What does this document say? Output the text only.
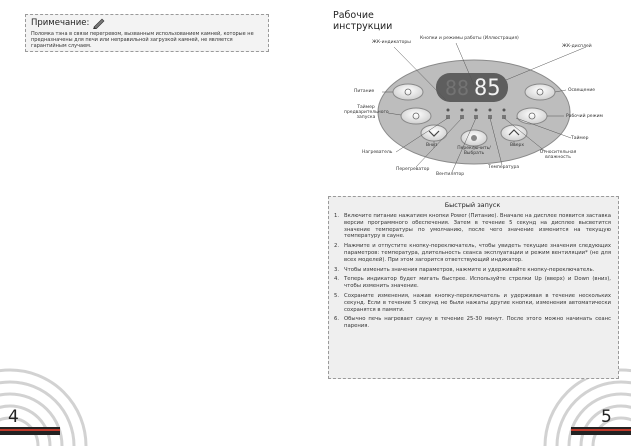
Примечание:
Поломка тэна в связи перегревом, вызванным использованием камней, которые не предназначены для печи или неправильной загрузкой камней, не является гарантийным случаем.
4
Рабочие
инструкции
88 85
ЖК-индикаторы
Кнопки и режимы работы (Иллюстрация)
ЖК-дисплей
Питание
Таймер предварительного запуска
Освещение
Рабочий режим
Таймер
Относительная влажность
Нагреватель
Вниз
Переключить/ Выбрать
Вверх
Перегреватор
Вентилятор
Температура
Быстрый запуск
1. Включите питание нажатием кнопки Power (Питание). Вначале на дисплее появится заставка версии программного обеспечения. Затем в течение 5 секунд на дисплее высветится значение температуры по умолчанию, после чего значение изменится на текущую температуру в сауне.
2. Нажмите и отпустите кнопку-переключатель, чтобы увидеть текущие значения следующих параметров: температура, длительность сеанса эксплуатации и режим вентиляции* (не для всех моделей). При этом загорится ответствующий индикатор.
3. Чтобы изменить значения параметров, нажмите и удерживайте кнопку-переключатель.
4. Теперь индикатор будет мигать быстрее. Используйте стрелки Up (вверх) и Down (вниз), чтобы изменить значение.
5. Сохраните изменения, нажав кнопку-переключатель и удерживая в течение нескольких секунд. Если в течение 5 секунд не были нажаты другие кнопки, изменения автоматически сохранятся в памяти.
6. Обычно печь нагревает сауну в течение 25-30 минут. После этого можно начинать сеанс парения.
5
